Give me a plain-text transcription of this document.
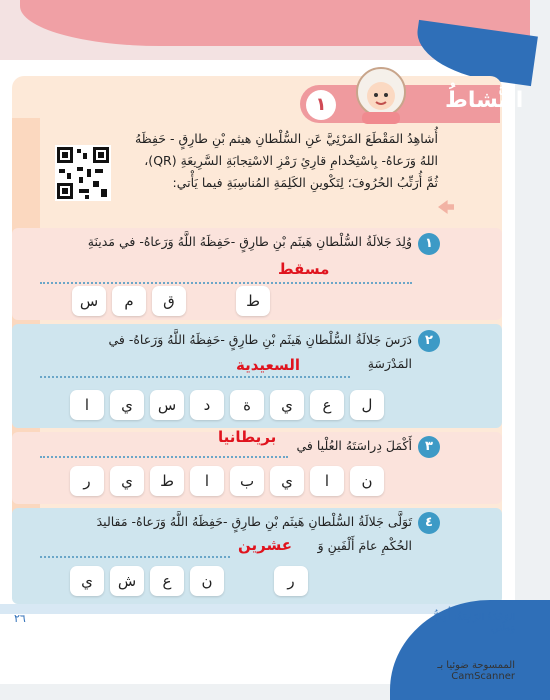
١	النَّشاطُ
أُشاهِدُ المَقْطَعَ المَرْئِيَّ عَنِ السُّلْطانِ هيثم بْنِ طارِقٍ - حَفِظَهُ
اللهُ وَرَعاهُ- بِاسْتِخْدامِ قارِئِ رَمْزِ الاسْتِجابَةِ السَّرِيعَةِ (QR)،
ثُمَّ أُرَتِّبُ الحُرُوفَ؛ لِتَكْوينِ الكَلِمَةِ المُناسِبَةِ فيما يَأْتي:
١
وُلِدَ جَلالَةُ السُّلْطانِ هَيثَم بْنِ طارِقٍ -حَفِظَهُ اللَّهُ وَرَعاهُ- في مَدينَةِ
مسقط
ط
ق
م
س
٢
دَرَسَ جَلالَةُ السُّلْطانِ هَيثَم بْنِ طارِقٍ -حَفِظَهُ اللَّهُ وَرَعاهُ- في
المَدْرَسَةِ
السعيدية
ل
ع
ي
ة
د
س
ي
ا
٣
أَكْمَلَ دِراسَتَهُ العُلْيا في
بريطانيا
ن
ا
ي
ب
ا
ط
ي
ر
٤
تَوَلَّى جَلالَةُ السُّلْطانِ هَيثَم بْنِ طارِقٍ -حَفِظَهُ اللَّهُ وَرَعاهُ- مَقاليدَ
الحُكْمِ عامَ أَلْفَينِ وَ
عشرين
ر
ن
ع
ش
ي
٢٦	الوَحْدَةُ الرّابِعَةُ: أُحِبُّ وَطَني
الممسوحة ضوئيا بـ CamScanner
